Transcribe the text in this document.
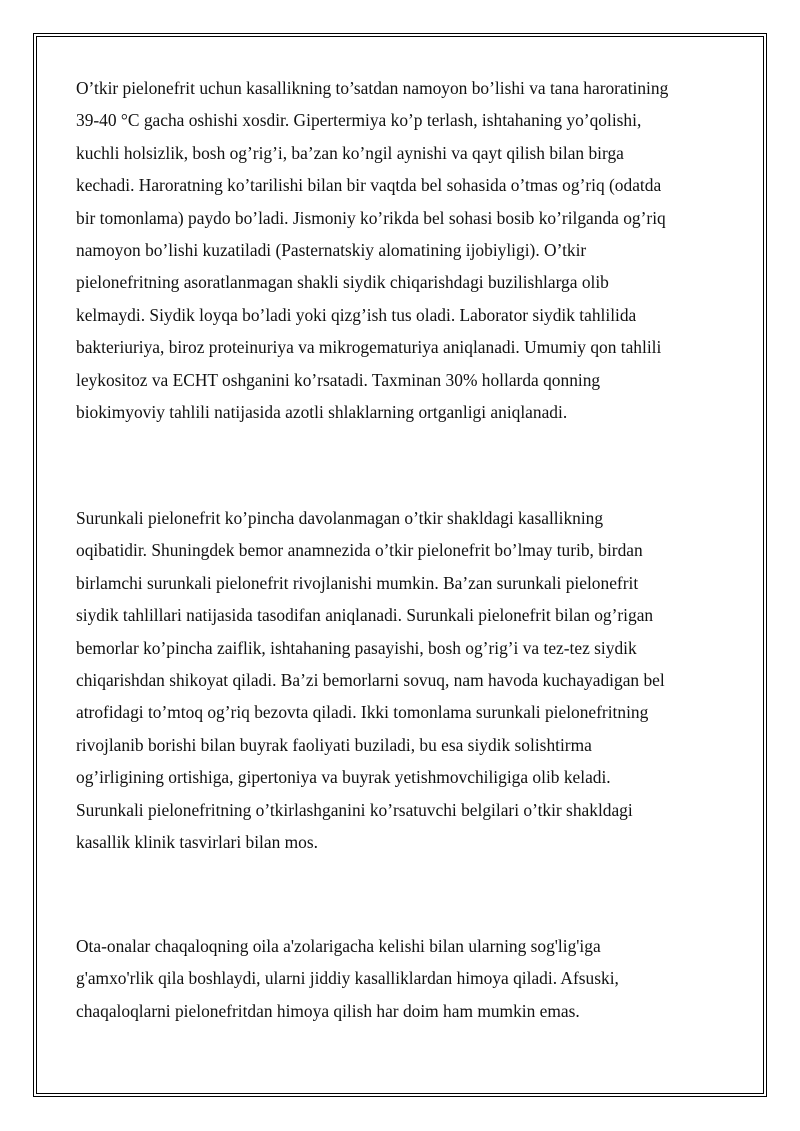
O’tkir pielonefrit uchun kasallikning to’satdan namoyon bo’lishi va tana haroratining
39-40 °C gacha oshishi xosdir. Gipertermiya ko’p terlash, ishtahaning yo’qolishi,
kuchli holsizlik, bosh og’rig’i, ba’zan ko’ngil aynishi va qayt qilish bilan birga
kechadi. Haroratning ko’tarilishi bilan bir vaqtda bel sohasida o’tmas og’riq (odatda
bir tomonlama) paydo bo’ladi. Jismoniy ko’rikda bel sohasi bosib ko’rilganda og’riq
namoyon bo’lishi kuzatiladi (Pasternatskiy alomatining ijobiyligi). O’tkir
pielonefritning asoratlanmagan shakli siydik chiqarishdagi buzilishlarga olib
kelmaydi. Siydik loyqa bo’ladi yoki qizg’ish tus oladi. Laborator siydik tahlilida
bakteriuriya, biroz proteinuriya va mikrogematuriya aniqlanadi. Umumiy qon tahlili
leykositoz va ECHT oshganini ko’rsatadi. Taxminan 30% hollarda qonning
biokimyoviy tahlili natijasida azotli shlaklarning ortganligi aniqlanadi.
Surunkali pielonefrit ko’pincha davolanmagan o’tkir shakldagi kasallikning
oqibatidir. Shuningdek bemor anamnezida o’tkir pielonefrit bo’lmay turib, birdan
birlamchi surunkali pielonefrit rivojlanishi mumkin. Ba’zan surunkali pielonefrit
siydik tahlillari natijasida tasodifan aniqlanadi. Surunkali pielonefrit bilan og’rigan
bemorlar ko’pincha zaiflik, ishtahaning pasayishi, bosh og’rig’i va tez-tez siydik
chiqarishdan shikoyat qiladi. Ba’zi bemorlarni sovuq, nam havoda kuchayadigan bel
atrofidagi to’mtoq og’riq bezovta qiladi. Ikki tomonlama surunkali pielonefritning
rivojlanib borishi bilan buyrak faoliyati buziladi, bu esa siydik solishtirma
og’irligining ortishiga, gipertoniya va buyrak yetishmovchiligiga olib keladi.
Surunkali pielonefritning o’tkirlashganini ko’rsatuvchi belgilari o’tkir shakldagi
kasallik klinik tasvirlari bilan mos.
Ota-onalar chaqaloqning oila a'zolarigacha kelishi bilan ularning sog'lig'iga
g'amxo'rlik qila boshlaydi, ularni jiddiy kasalliklardan himoya qiladi. Afsuski,
chaqaloqlarni pielonefritdan himoya qilish har doim ham mumkin emas.
